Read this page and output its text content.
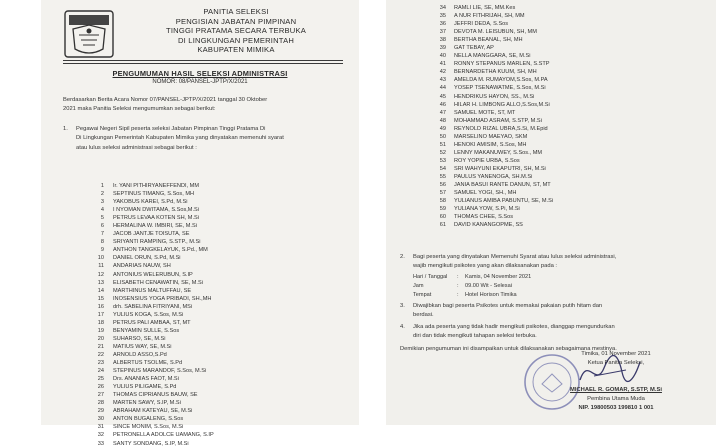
PANITIA SELEKSI
PENGISIAN JABATAN PIMPINAN
TINGGI PRATAMA SECARA TERBUKA
DI LINGKUNGAN PEMERINTAH
KABUPATEN MIMIKA
PENGUMUMAN HASIL SELEKSI ADMINISTRASI
NOMOR: 08/PANSEL-JPTP/X/2021
Berdasarkan Berita Acara Nomor 07/PANSEL-JPTP/X/2021 tanggal 30 Oktober
2021 maka Panitia Seleksi mengumumkan sebagai berikut:
1.	Pegawai Negeri Sipil peserta seleksi Jabatan Pimpinan Tinggi Pratama Di
Di Lingkungan Pemerintah Kabupaten Mimika yang dinyatakan memenuhi syarat
atau lulus seleksi administrasi sebagai berikut :
1 Ir. YANI PITHIRYANEFFENDI, MM
2 SEPTINUS TIMANG, S.Sos, MH
3 YAKOBUS KAREI, S.Pd, M.Si
4 I NYOMAN DWITAMA, S.Sos,M.Si
5 PETRUS LEVAA KOTEN SH, M.Si
6 HERMALINA W. IMBIRI, SE, M.Si
7 JACOB JANTJE TOISUTA, SE
8 SRIYANTI RAMPING, S.STP., M.Si
9 ANTHON TANGKELAYUK, S.Pd., MM
10 DANIEL ORUN, S.Pd, M.Si
11 ANDARIAS NAUW, SH
12 ANTONIUS WELERUBUN, S.IP
13 ELISABETH CENAWATIN, SE, M.Si
14 MARTHINUS MALTUFFAU, SE
15 INOSENSIUS YOGA PRIBADI, SH.,MH
16 drh. SABELINA FITRIYANI, MSi
17 YULIUS KOGA, S.Sos, M.Si
18 PETRUS PALI AMBAA, ST, MT
19 BENYAMIN SULLE, S.Sos
20 SUHARSO, SE, M.Si
21 MATIUS WAY, SE, M.Si
22 ARNOLD ASSO,S.Pd
23 ALBERTUS TSOLME, S.Pd
24 STEPINUS MARANDOF, S.Sos, M.Si
25 Drs. ANANIAS FAOT, M.Si
26 YULIUS PILIGAME, S.Pd
27 THOMAS CIPRIANUS BAUW, SE
28 MARTEN SAWY, S.IP, M.Si
29 ABRAHAM KATEYAU, SE, M.Si
30 ANTON BUGALENG, S.Sos
31 SINCE MONIM, S.Sos, M.Si
32 PETRONELLA ADOLCE UAMANG, S.IP
33 SANTY SONDANG, S.IP, M.Si
34 RAMLI LIE, SE, MM.Kes
35 A NUR FITHRIJAH, SH, MM
36 JEFFRI DEDA, S.Sos
37 DEVOTA M. LEISUBUN, SH, MM
38 BERTHA BEANAL, SH, MH
39 GAT TEBAY, AP
40 NELLA MANGGARA, SE, M.Si
41 RONNY STEPANUS MARLEN, S.STP
42 BERNARDETHA KUUM, SH, MH
43 AMELDA M. RUMAYOM,S.Sos, M.PA
44 YOSEP TSENAWATME, S.Sos, M.Si
45 HENDRIKUS HAYON, SS., M.Si
46 HILAR H. LIMBONG ALLO,S.Sos,M.Si
47 SAMUEL MOTE, ST, MT
48 MOHAMMAD ASRAM, S.STP, M.Si
49 REYNOLD RIZAL UBRA,S.Si, M.Epid
50 MARSELINO MAEYAO, SKM
51 HENOKI AMISIM, S.Sos, MH
52 LENNY MAKANUWEY, S.Sos., MM
53 ROY YOPIE URBA, S.Sos
54 SRI WAHYUNI EKAPUTRI, SH, M.Si
55 PAULUS YANENOGA, SH.M.Si
56 JANIA BASUI RANTE DANUN, ST, MT
57 SAMUEL YOGI, SH., MH
58 YULIANUS AMIBA PABUNTU, SE, M.Si
59 YULIANA YOW, S.Pi, M.Si
60 THOMAS CHEE, S.Sos
61 DAVID KANANGOPME, SS
2.	Bagi peserta yang dinyatakan Memenuhi Syarat atau lulus seleksi administrasi,
wajib mengikuti psikotes yang akan dilaksanakan pada :
Hari / Tanggal	:	Kamis, 04 November 2021
Jam	:	09.00 Wit - Selesai
Tempat	:	Hotel Horison Timika
3.	Diwajibkan bagi peserta Psikotes untuk memakai pakaian putih hitam dan
berdasi.
4.	Jika ada peserta yang tidak hadir mengikuti psikotes, dianggap mengundurkan
diri dan tidak mengikuti tahapan seleksi terbuka.
Demikian pengumuman ini disampaikan untuk dilaksanakan sebagaimana mestinya.
Timika, 01 November 2021
Ketua Panitia Seleksi,
MICHAEL R. GOMAR, S.STP, M.Si
Pembina Utama Muda
NIP. 19800503 199810 1 001
